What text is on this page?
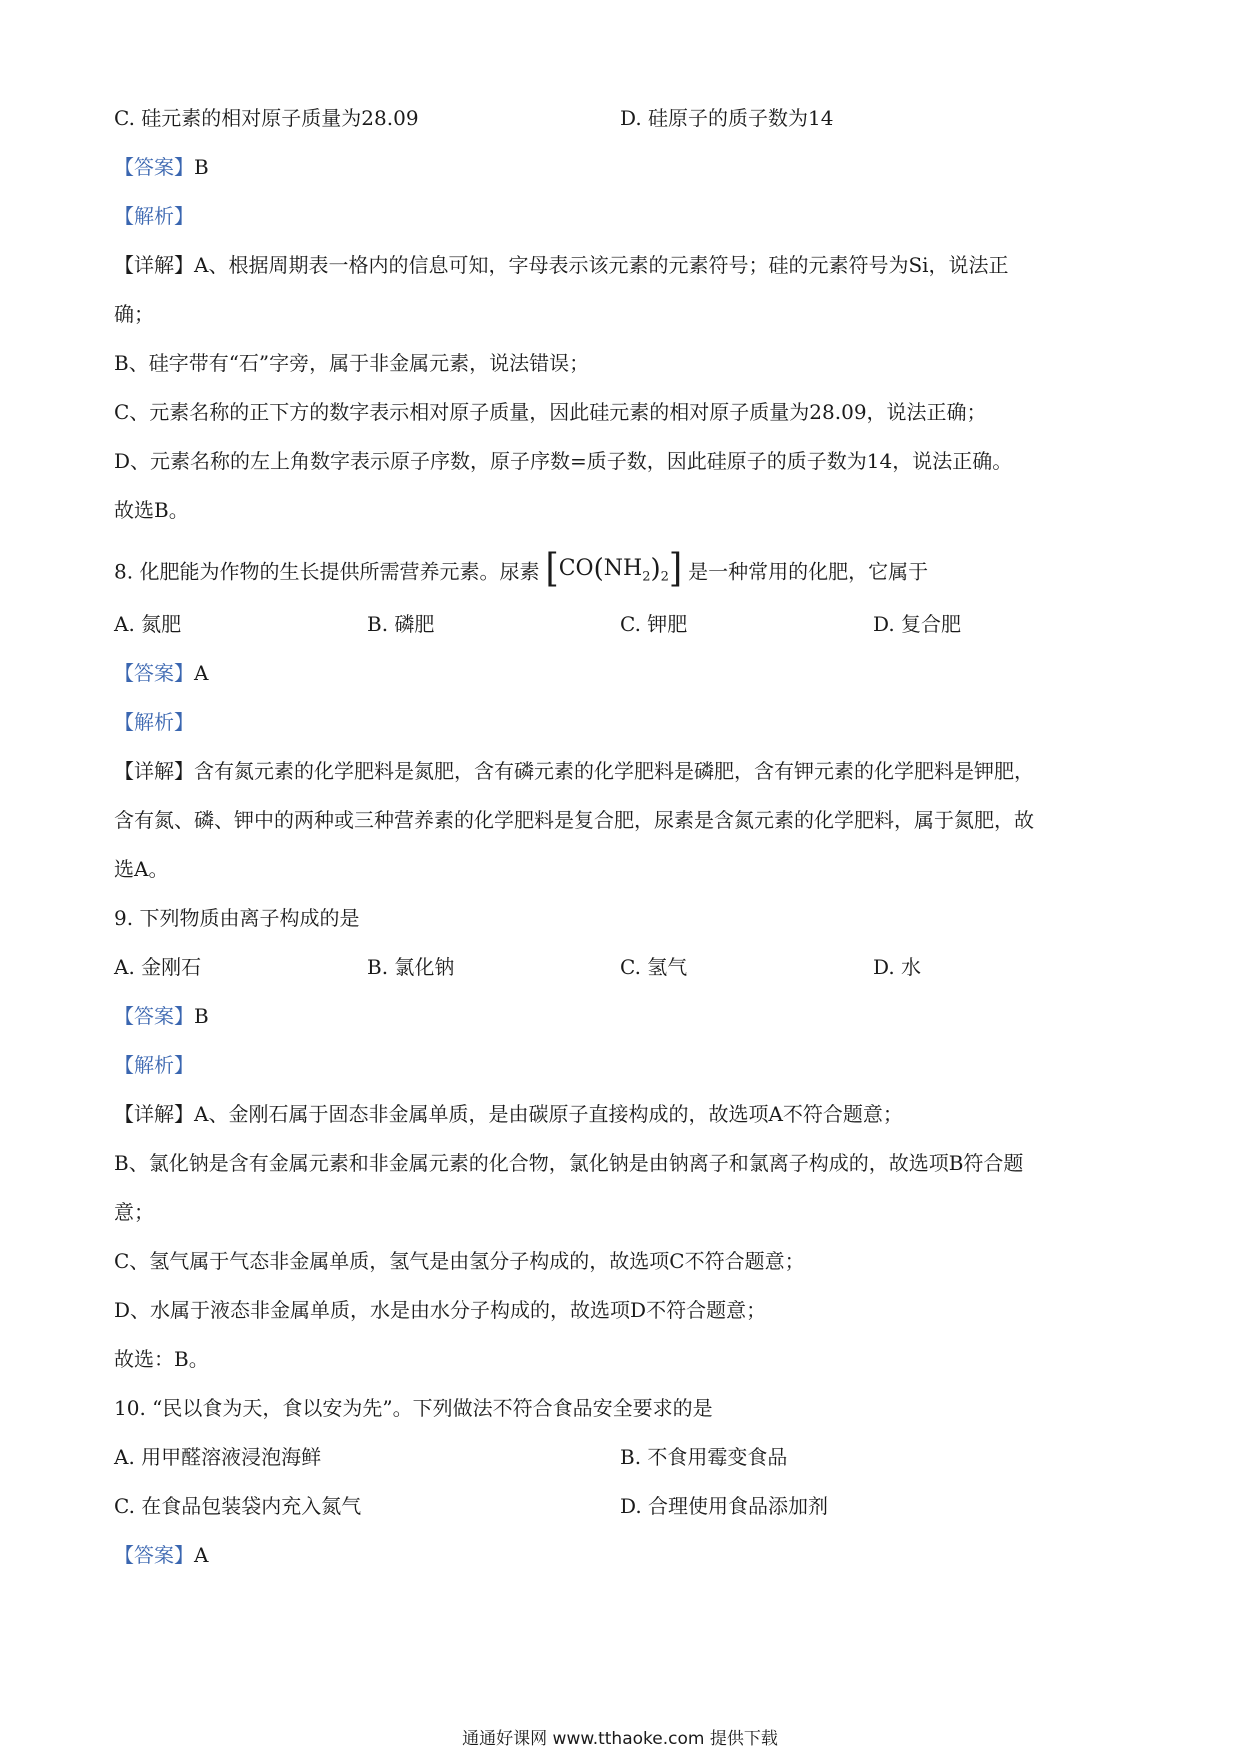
C. 硅元素的相对原子质量为28.09	D. 硅原子的质子数为14
【答案】B
【解析】
【详解】A、根据周期表一格内的信息可知，字母表示该元素的元素符号；硅的元素符号为Si，说法正
确；
B、硅字带有“石”字旁，属于非金属元素，说法错误；
C、元素名称的正下方的数字表示相对原子质量，因此硅元素的相对原子质量为28.09，说法正确；
D、元素名称的左上角数字表示原子序数，原子序数=质子数，因此硅原子的质子数为14，说法正确。
故选B。
8. 化肥能为作物的生长提供所需营养元素。尿素 $[CO(NH_2)_2]$ 是一种常用的化肥，它属于
A. 氮肥	B. 磷肥	C. 钾肥	D. 复合肥
【答案】A
【解析】
【详解】含有氮元素的化学肥料是氮肥，含有磷元素的化学肥料是磷肥，含有钾元素的化学肥料是钾肥，
含有氮、磷、钾中的两种或三种营养素的化学肥料是复合肥，尿素是含氮元素的化学肥料，属于氮肥，故
选A。
9. 下列物质由离子构成的是
A. 金刚石	B. 氯化钠	C. 氢气	D. 水
【答案】B
【解析】
【详解】A、金刚石属于固态非金属单质，是由碳原子直接构成的，故选项A不符合题意；
B、氯化钠是含有金属元素和非金属元素的化合物，氯化钠是由钠离子和氯离子构成的，故选项B符合题
意；
C、氢气属于气态非金属单质，氢气是由氢分子构成的，故选项C不符合题意；
D、水属于液态非金属单质，水是由水分子构成的，故选项D不符合题意；
故选：B。
10. “民以食为天，食以安为先”。下列做法不符合食品安全要求的是
A. 用甲醛溶液浸泡海鲜	B. 不食用霉变食品
C. 在食品包装袋内充入氮气	D. 合理使用食品添加剂
【答案】A
通通好课网 www.tthaoke.com 提供下载
